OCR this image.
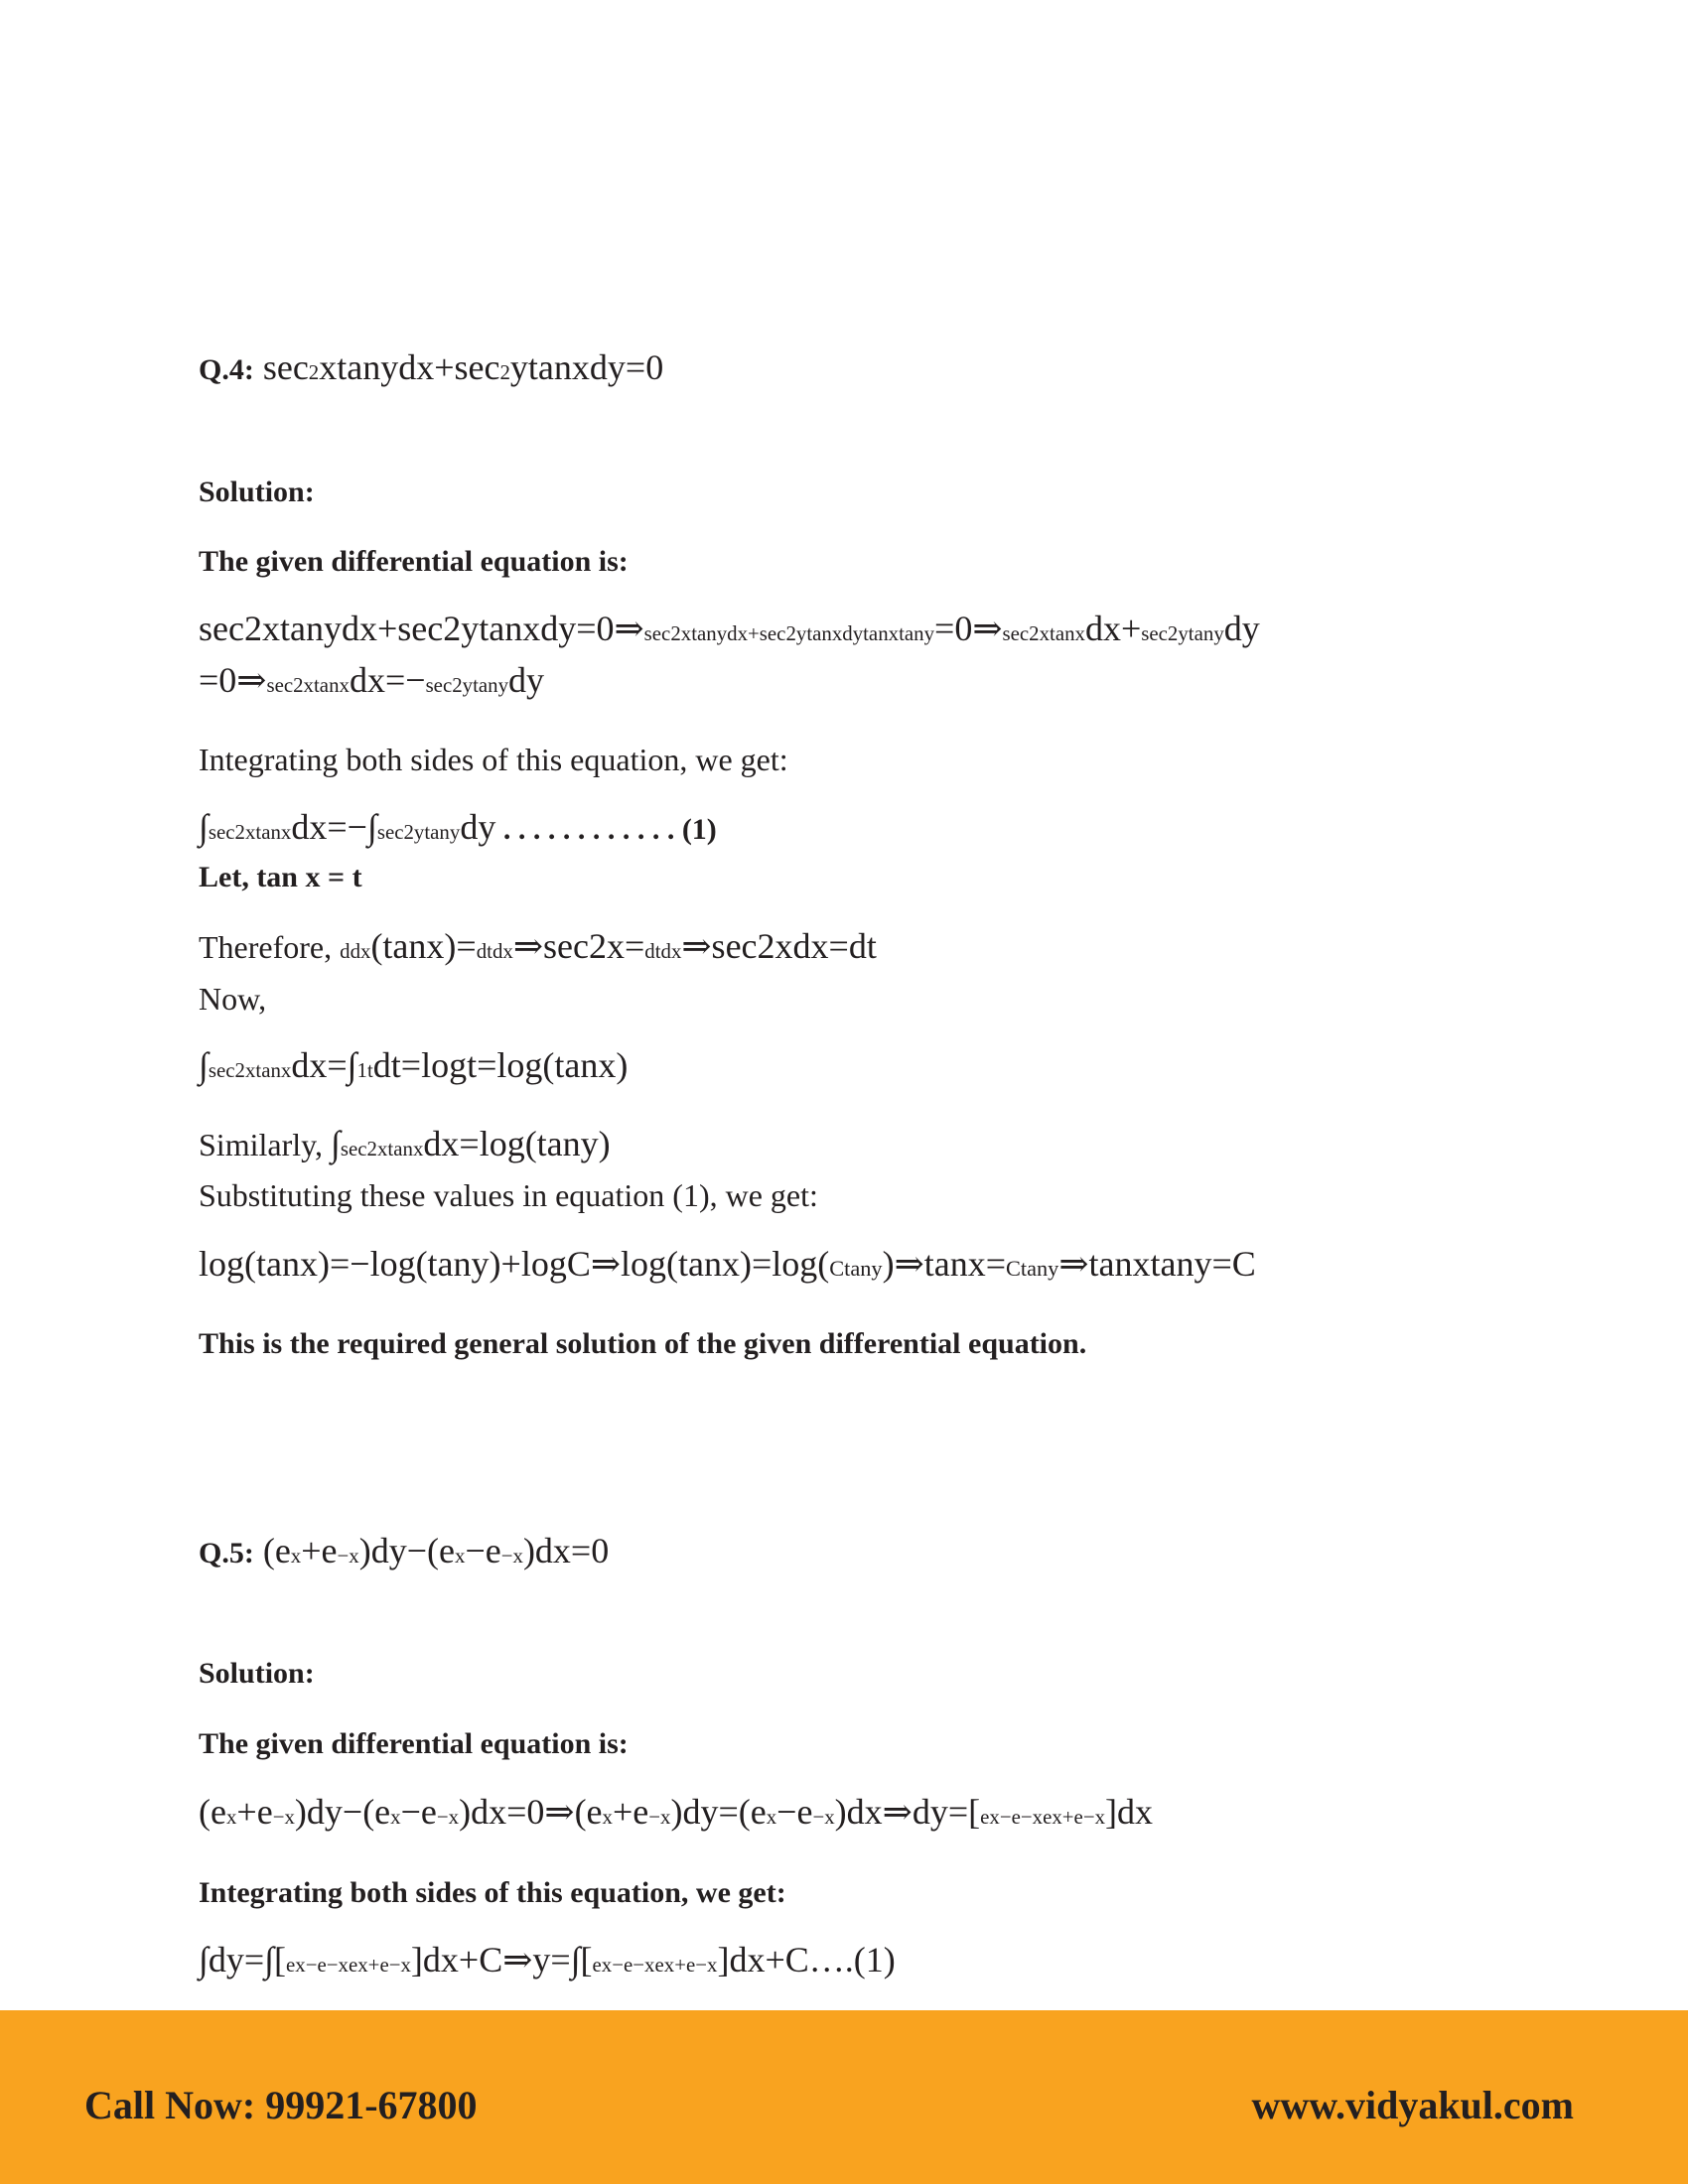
Q.4: sec2xtanydx+sec2ytanxdy=0
Solution:
The given differential equation is:
sec2xtanydx+sec2ytanxdy=0⇒sec2xtanydx+sec2ytanxdytanxtany=0⇒sec2xtanxdx+sec2ytanydy
=0⇒sec2xtanxdx=−sec2ytanydy
Integrating both sides of this equation, we get:
∫sec2xtanxdx=−∫sec2ytanydy . . . . . . . . . . . . (1)
Let, tan x = t
Therefore, ddx(tanx)=dtdx⇒sec2x=dtdx⇒sec2xdx=dt
Now,
∫sec2xtanxdx=∫1tdt=logt=log(tanx)
Similarly, ∫sec2xtanxdx=log(tany)
Substituting these values in equation (1), we get:
log(tanx)=−log(tany)+logC⇒log(tanx)=log(Ctany)⇒tanx=Ctany⇒tanxtany=C
This is the required general solution of the given differential equation.
Q.5: (ex+e−x)dy−(ex−e−x)dx=0
Solution:
The given differential equation is:
(ex+e−x)dy−(ex−e−x)dx=0⇒(ex+e−x)dy=(ex−e−x)dx⇒dy=[ex−e−xex+e−x]dx
Integrating both sides of this equation, we get:
∫dy=∫[ex−e−xex+e−x]dx+C⇒y=∫[ex−e−xex+e−x]dx+C….(1)
Call Now: 99921-67800	www.vidyakul.com
